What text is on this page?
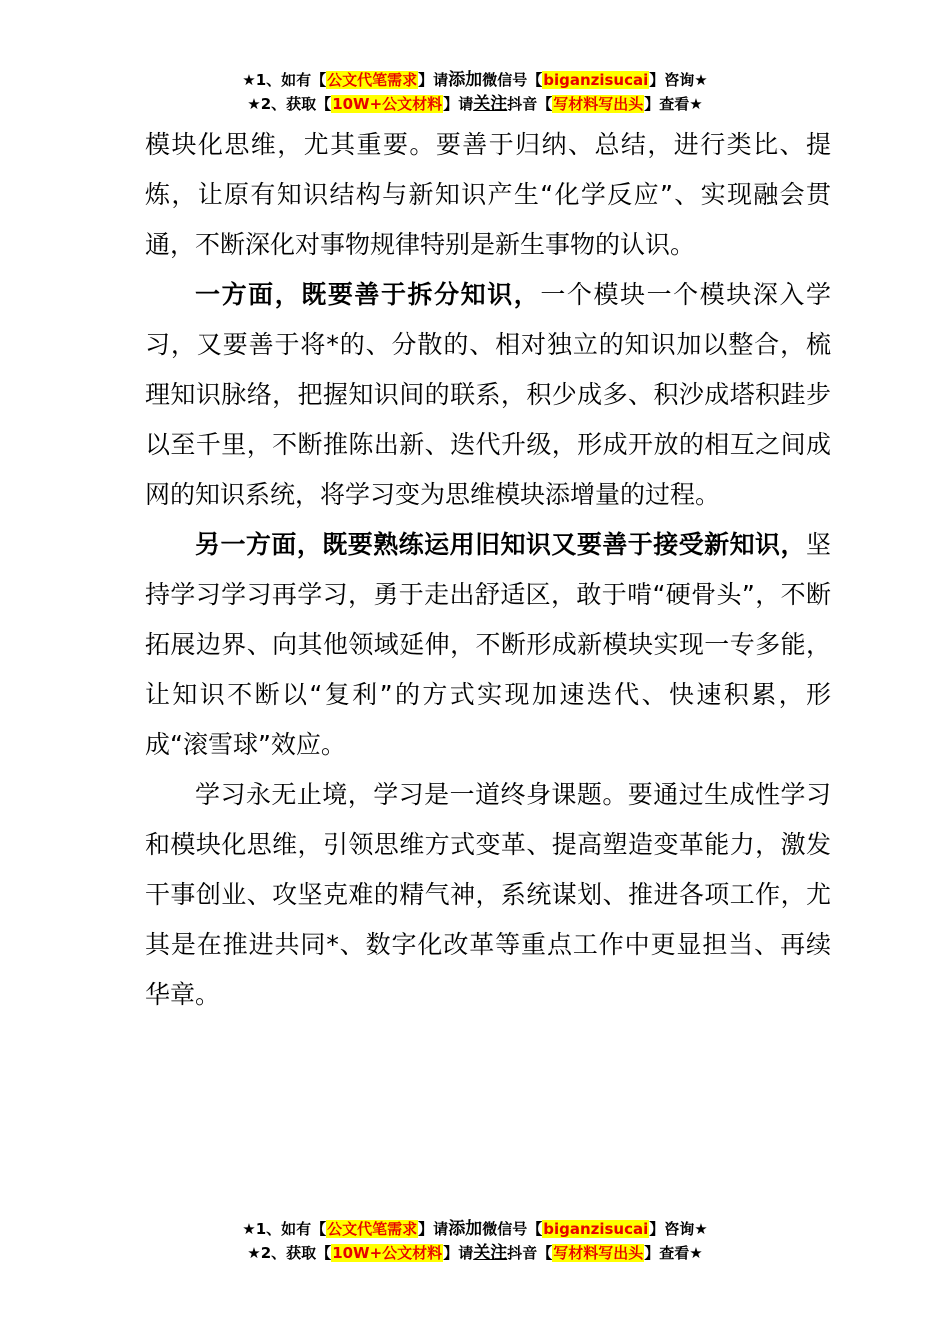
★1、如有【公文代笔需求】请添加微信号【biganzisucai】咨询★
★2、获取【10W+公文材料】请关注抖音【写材料写出头】查看★

模块化思维，尤其重要。要善于归纳、总结，进行类比、提炼，让原有知识结构与新知识产生“化学反应”、实现融会贯通，不断深化对事物规律特别是新生事物的认识。

一方面，既要善于拆分知识，一个模块一个模块深入学习，又要善于将*的、分散的、相对独立的知识加以整合，梳理知识脉络，把握知识间的联系，积少成多、积沙成塔积跬步以至千里，不断推陈出新、迭代升级，形成开放的相互之间成网的知识系统，将学习变为思维模块添增量的过程。

另一方面，既要熟练运用旧知识又要善于接受新知识，坚持学习学习再学习，勇于走出舒适区，敢于啃“硬骨头”，不断拓展边界、向其他领域延伸，不断形成新模块实现一专多能，让知识不断以“复利”的方式实现加速迭代、快速积累，形成“滚雪球”效应。

学习永无止境，学习是一道终身课题。要通过生成性学习和模块化思维，引领思维方式变革、提高塑造变革能力，激发干事创业、攻坚克难的精气神，系统谋划、推进各项工作，尤其是在推进共同*、数字化改革等重点工作中更显担当、再续华章。

★1、如有【公文代笔需求】请添加微信号【biganzisucai】咨询★
★2、获取【10W+公文材料】请关注抖音【写材料写出头】查看★
